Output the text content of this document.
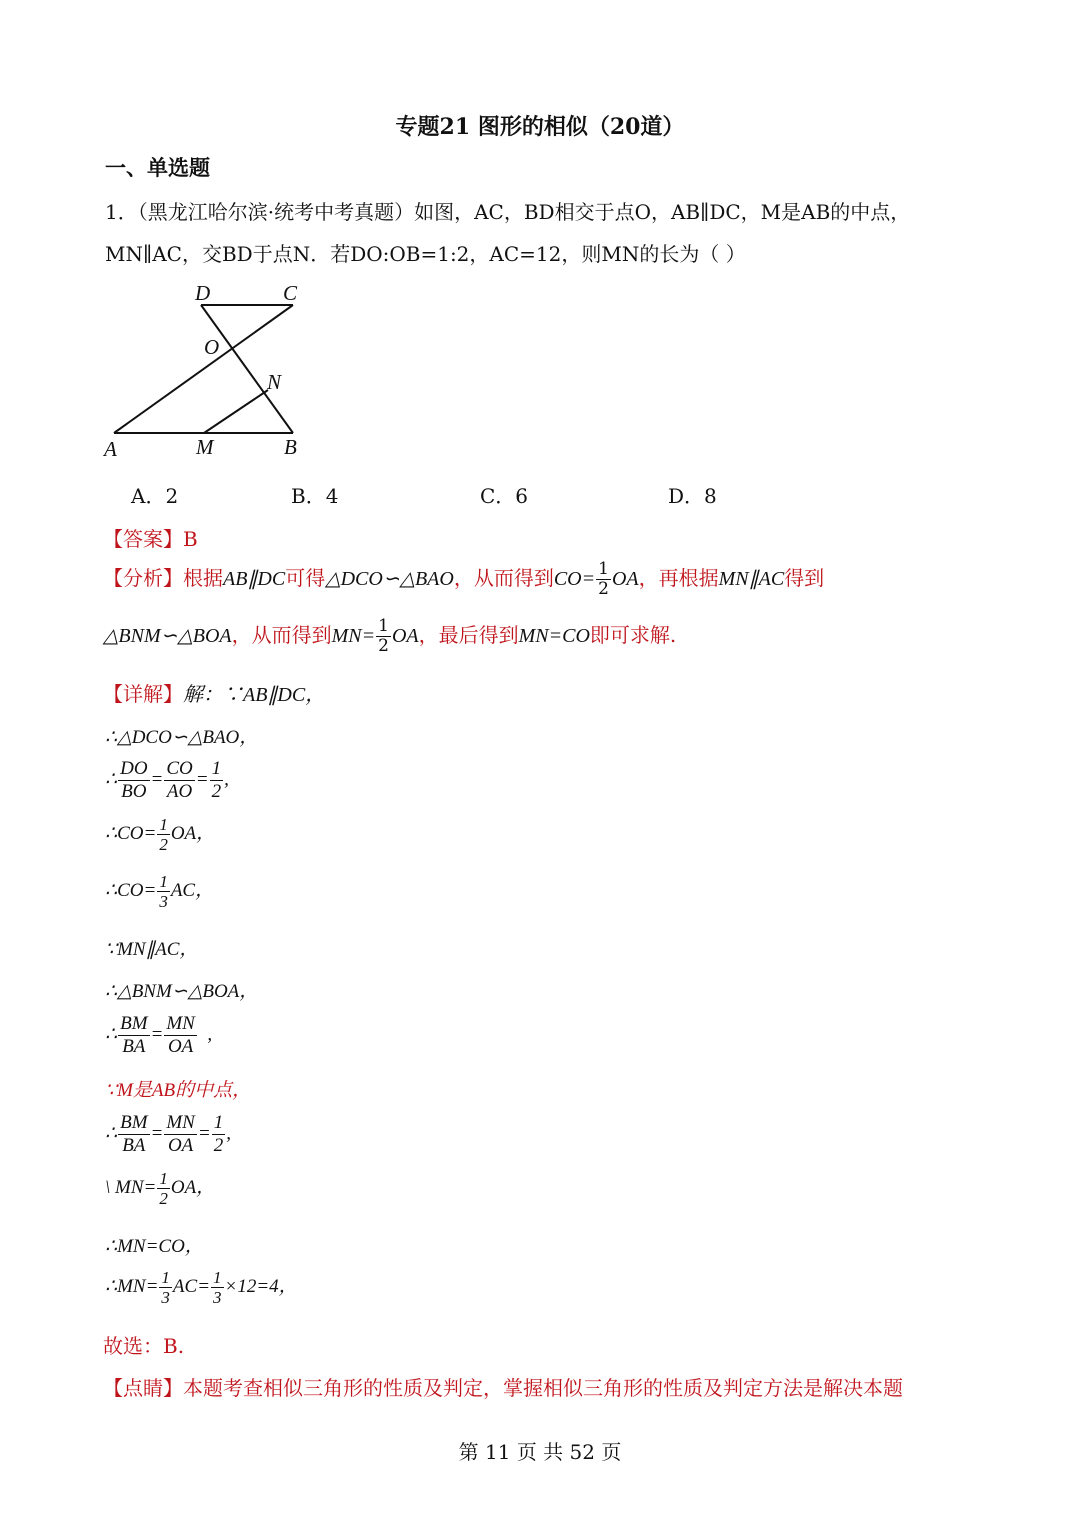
专题21 图形的相似（20道）
一、单选题
1．（黑龙江哈尔滨·统考中考真题）如图，AC，BD相交于点O，AB∥DC，M是AB的中点，
MN∥AC，交BD于点N．若DO:OB=1:2，AC=12，则MN的长为（ ）
D	C
O
N
A	M	B
A．2	B．4	C．6	D．8
【答案】B
【分析】根据AB∥DC可得△DCO∽△BAO，从而得到$CO= \frac{1}{2}$ OA，再根据MN∥AC得到
△BNM∽△BOA，从而得到$MN= \frac{1}{2}$ OA，最后得到MN=CO即可求解.
【详解】解：∵AB∥DC，
∴△DCO∽△BAO，
∴ $\frac{DO}{BO} = \frac{CO}{AO} = \frac{1}{2}$ ,
∴CO= $\frac{1}{2}$ OA，
∴CO= $\frac{1}{3}$ AC，
∵MN∥AC，
∴△BNM∽△BOA，
∴ $\frac{BM}{BA} = \frac{MN}{OA}$ ,
∵M是AB的中点，
∴ $\frac{BM}{BA} = \frac{MN}{OA} = \frac{1}{2}$ ,
\ $MN= \frac{1}{2}$ OA，
∴MN=CO，
∴MN= $\frac{1}{3} AC= \frac{1}{3} \times 12=4$，
故选：B.
【点睛】本题考查相似三角形的性质及判定，掌握相似三角形的性质及判定方法是解决本题
第 11 页 共 52 页
